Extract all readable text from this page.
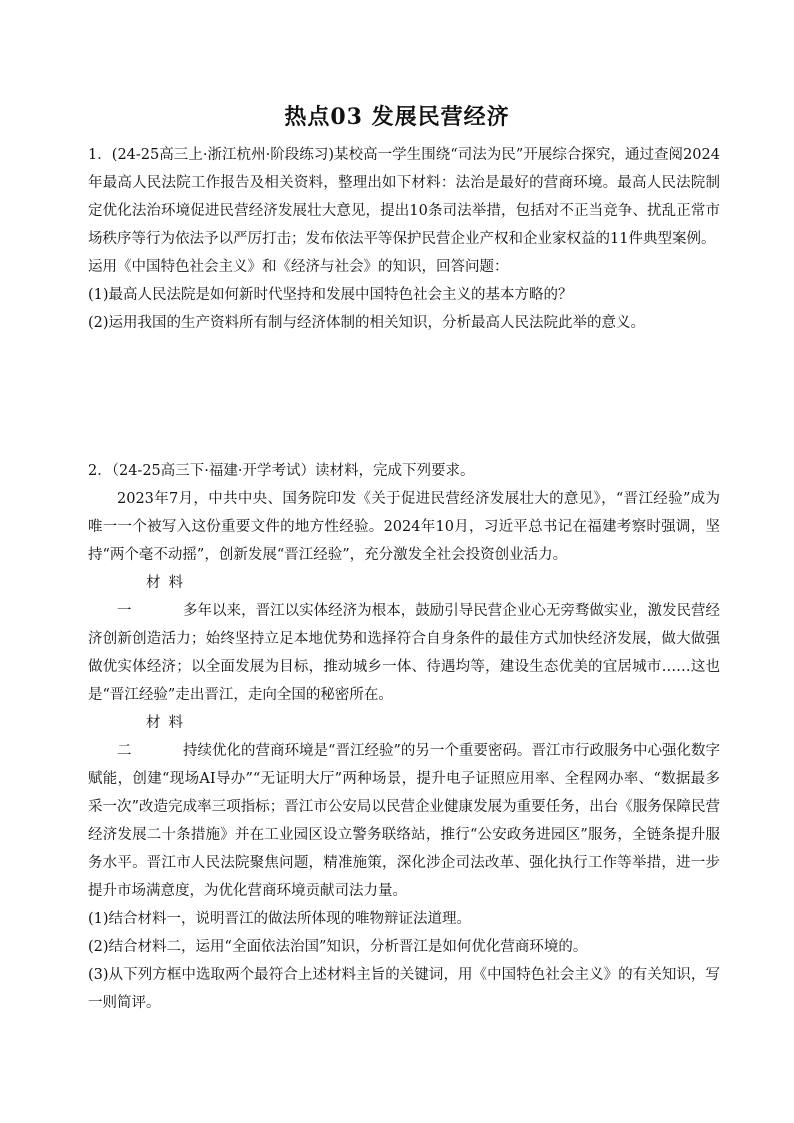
热点03 发展民营经济

1．(24-25高三上·浙江杭州·阶段练习)某校高一学生围绕“司法为民”开展综合探究，通过查阅2024年最高人民法院工作报告及相关资料，整理出如下材料：法治是最好的营商环境。最高人民法院制定优化法治环境促进民营经济发展壮大意见，提出10条司法举措，包括对不正当竞争、扰乱正常市场秩序等行为依法予以严厉打击；发布依法平等保护民营企业产权和企业家权益的11件典型案例。

运用《中国特色社会主义》和《经济与社会》的知识，回答问题：

(1)最高人民法院是如何新时代坚持和发展中国特色社会主义的基本方略的？

(2)运用我国的生产资料所有制与经济体制的相关知识，分析最高人民法院此举的意义。

2．（24-25高三下·福建·开学考试）读材料，完成下列要求。

2023年7月，中共中央、国务院印发《关于促进民营经济发展壮大的意见》，“晋江经验”成为唯一一个被写入这份重要文件的地方性经验。2024年10月，习近平总书记在福建考察时强调，坚持“两个毫不动摇”，创新发展“晋江经验”，充分激发全社会投资创业活力。

材料一	多年以来，晋江以实体经济为根本，鼓励引导民营企业心无旁骛做实业，激发民营经济创新创造活力；始终坚持立足本地优势和选择符合自身条件的最佳方式加快经济发展，做大做强做优实体经济；以全面发展为目标，推动城乡一体、待遇均等，建设生态优美的宜居城市……这也是“晋江经验”走出晋江，走向全国的秘密所在。

材料二	持续优化的营商环境是“晋江经验”的另一个重要密码。晋江市行政服务中心强化数字赋能，创建“现场AI导办”“无证明大厅”两种场景，提升电子证照应用率、全程网办率、“数据最多采一次”改造完成率三项指标；晋江市公安局以民营企业健康发展为重要任务，出台《服务保障民营经济发展二十条措施》并在工业园区设立警务联络站，推行“公安政务进园区”服务，全链条提升服务水平。晋江市人民法院聚焦问题，精准施策，深化涉企司法改革、强化执行工作等举措，进一步提升市场满意度，为优化营商环境贡献司法力量。

(1)结合材料一，说明晋江的做法所体现的唯物辩证法道理。

(2)结合材料二，运用“全面依法治国”知识，分析晋江是如何优化营商环境的。

(3)从下列方框中选取两个最符合上述材料主旨的关键词，用《中国特色社会主义》的有关知识，写一则简评。
